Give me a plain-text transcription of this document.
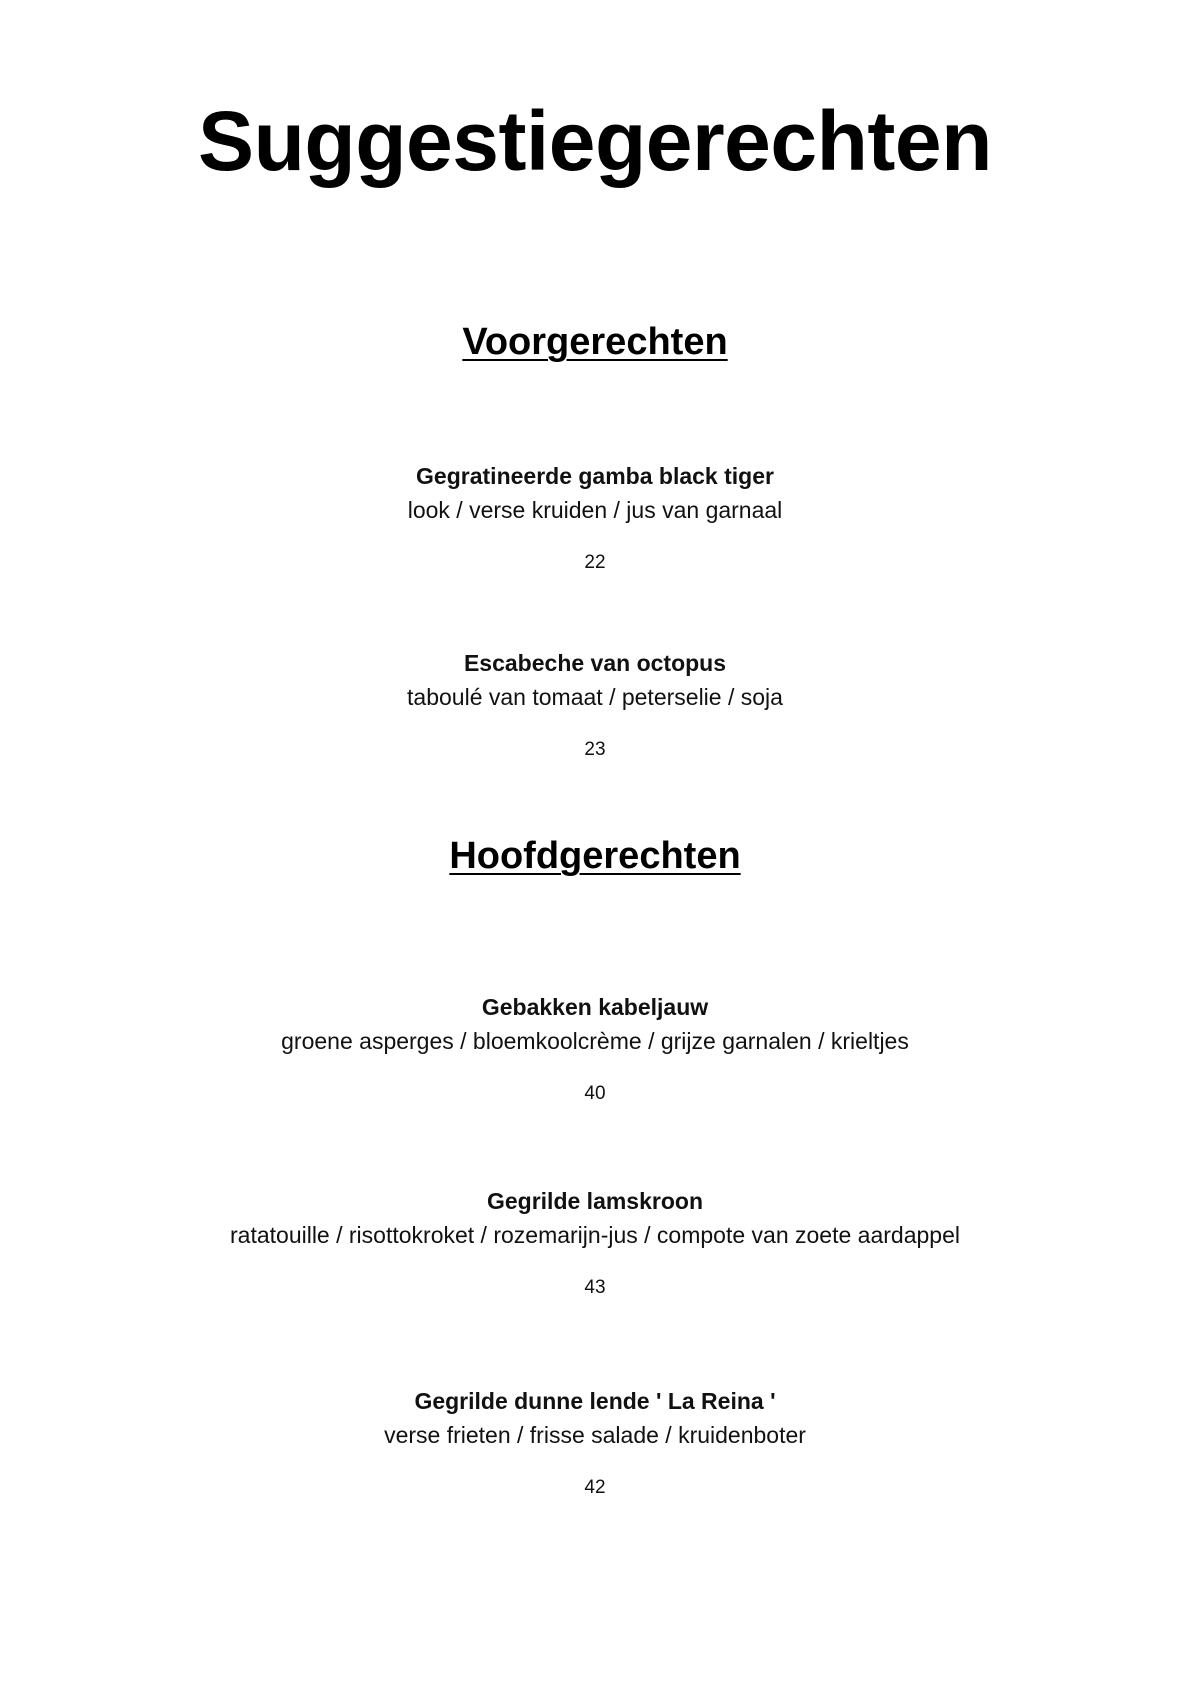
Suggestiegerechten
Voorgerechten
Gegratineerde gamba black tiger
look / verse kruiden / jus van garnaal
22
Escabeche van octopus
taboulé van tomaat / peterselie / soja
23
Hoofdgerechten
Gebakken kabeljauw
groene asperges / bloemkoolcrème / grijze garnalen / krieltjes
40
Gegrilde lamskroon
ratatouille / risottokroket / rozemarijn-jus / compote van zoete aardappel
43
Gegrilde dunne lende ' La Reina '
verse frieten / frisse salade / kruidenboter
42
